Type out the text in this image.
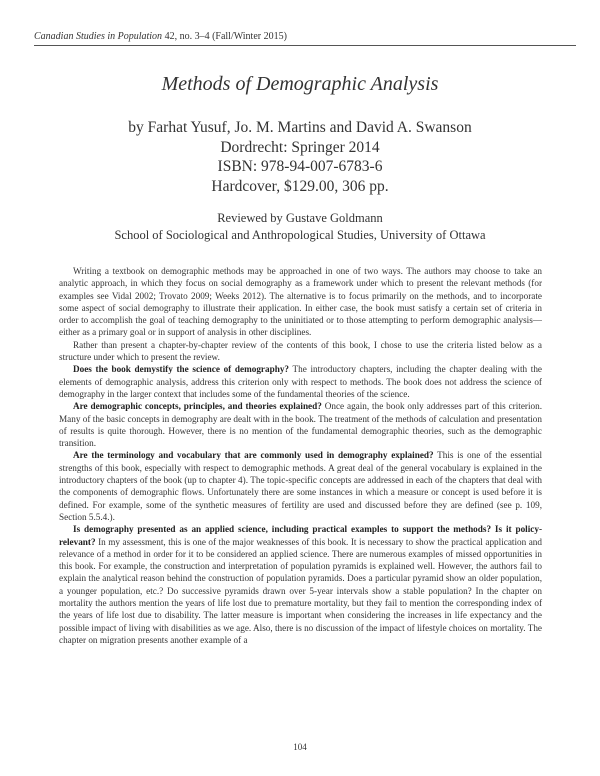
Canadian Studies in Population 42, no. 3–4 (Fall/Winter 2015)
Methods of Demographic Analysis
by Farhat Yusuf, Jo. M. Martins and David A. Swanson
Dordrecht: Springer 2014
ISBN: 978-94-007-6783-6
Hardcover, $129.00, 306 pp.
Reviewed by Gustave Goldmann
School of Sociological and Anthropological Studies, University of Ottawa

Writing a textbook on demographic methods may be approached in one of two ways. The authors may choose to take an analytic approach, in which they focus on social demography as a framework under which to present the relevant methods (for examples see Vidal 2002; Trovato 2009; Weeks 2012). The alternative is to focus primarily on the methods, and to incorporate some aspect of social demography to illustrate their application. In either case, the book must satisfy a certain set of criteria in order to accomplish the goal of teaching demography to the uninitiated or to those attempting to perform demographic analysis—either as a primary goal or in support of analysis in other disciplines.

Rather than present a chapter-by-chapter review of the contents of this book, I chose to use the criteria listed below as a structure under which to present the review.

Does the book demystify the science of demography? The introductory chapters, including the chapter dealing with the elements of demographic analysis, address this criterion only with respect to methods. The book does not address the science of demography in the larger context that includes some of the fundamental theories of the science.

Are demographic concepts, principles, and theories explained? Once again, the book only addresses part of this criterion. Many of the basic concepts in demography are dealt with in the book. The treatment of the methods of calculation and presentation of results is quite thorough. However, there is no mention of the fundamental demographic theories, such as the demographic transition.

Are the terminology and vocabulary that are commonly used in demography explained? This is one of the essential strengths of this book, especially with respect to demographic methods. A great deal of the general vocabulary is explained in the introductory chapters of the book (up to chapter 4). The topic-specific concepts are addressed in each of the chapters that deal with the components of demographic flows. Unfortunately there are some instances in which a measure or concept is used before it is defined. For example, some of the synthetic measures of fertility are used and discussed before they are defined (see p. 109, Section 5.5.4.).

Is demography presented as an applied science, including practical examples to support the methods? Is it policy-relevant? In my assessment, this is one of the major weaknesses of this book. It is necessary to show the practical application and relevance of a method in order for it to be considered an applied science. There are numerous examples of missed opportunities in this book. For example, the construction and interpretation of population pyramids is explained well. However, the authors fail to explain the analytical reason behind the construction of population pyramids. Does a particular pyramid show an older population, a younger population, etc.? Do successive pyramids drawn over 5-year intervals show a stable population? In the chapter on mortality the authors mention the years of life lost due to premature mortality, but they fail to mention the corresponding index of the years of life lost due to disability. The latter measure is important when considering the increases in life expectancy and the possible impact of living with disabilities as we age. Also, there is no discussion of the impact of lifestyle choices on mortality. The chapter on migration presents another example of a

104
